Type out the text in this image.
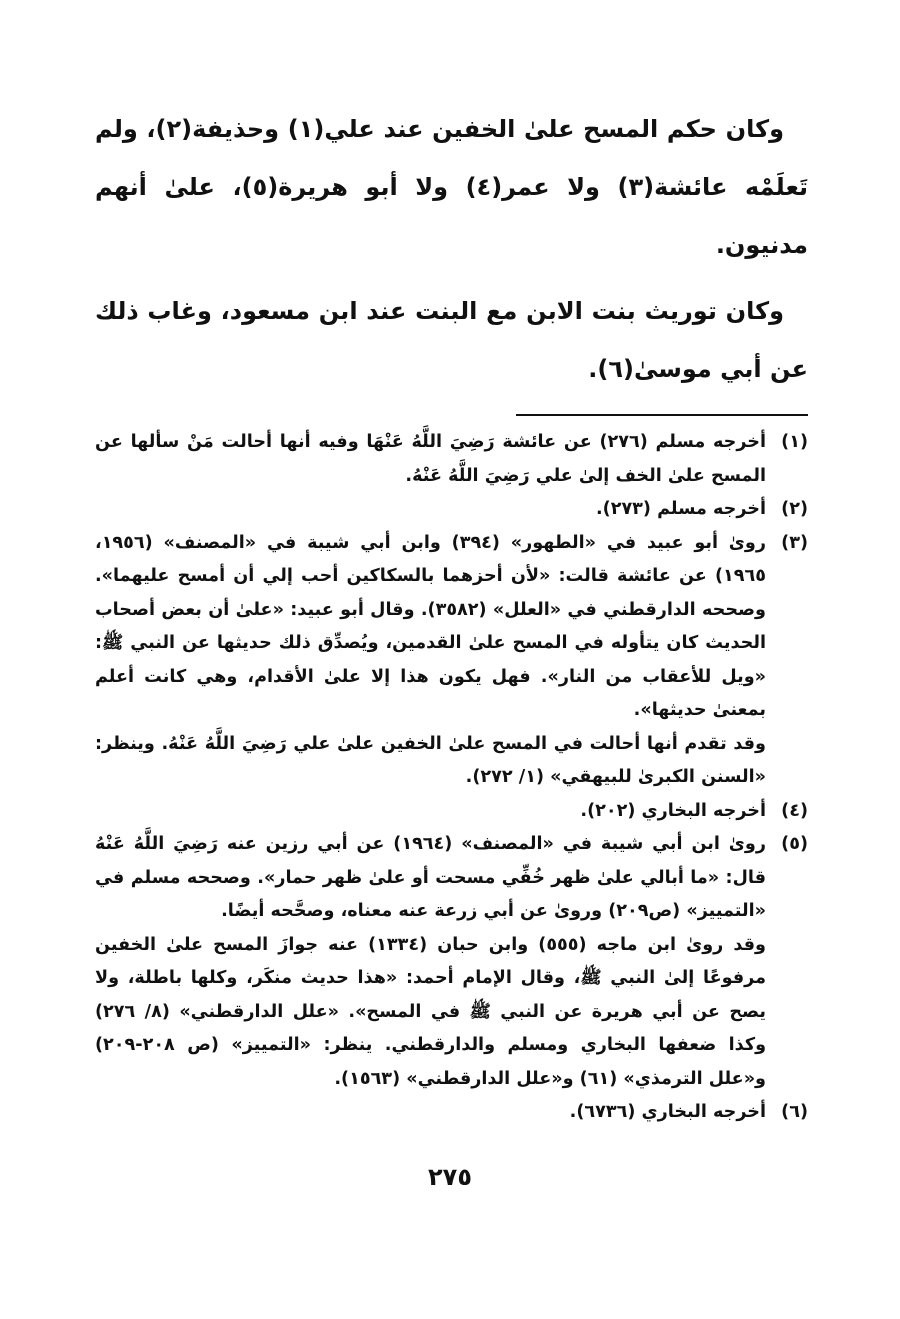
وكان حكم المسح علىٰ الخفين عند علي(١) وحذيفة(٢)، ولم تَعلَمْه عائشة(٣) ولا عمر(٤) ولا أبو هريرة(٥)، علىٰ أنهم مدنيون.

وكان توريث بنت الابن مع البنت عند ابن مسعود، وغاب ذلك عن أبي موسىٰ(٦).

(١)

أخرجه مسلم (٢٧٦) عن عائشة رَضِيَ اللَّهُ عَنْهَا وفيه أنها أحالت مَنْ سألها عن المسح علىٰ الخف إلىٰ علي رَضِيَ اللَّهُ عَنْهُ.

(٢)

أخرجه مسلم (٢٧٣).

(٣)

رویٰ أبو عبيد في «الطهور» (٣٩٤) وابن أبي شيبة في «المصنف» (١٩٥٦، ١٩٦٥) عن عائشة قالت: «لأن أحزهما بالسكاكين أحب إلي أن أمسح عليهما». وصححه الدارقطني في «العلل» (٣٥٨٢). وقال أبو عبيد: «علىٰ أن بعض أصحاب الحديث كان يتأوله في المسح علىٰ القدمين، ويُصدِّق ذلك حديثها عن النبي ﷺ: «ويل للأعقاب من النار». فهل يكون هذا إلا علىٰ الأقدام، وهي كانت أعلم بمعنىٰ حديثها».

وقد تقدم أنها أحالت في المسح علىٰ الخفين علىٰ علي رَضِيَ اللَّهُ عَنْهُ. وينظر: «السنن الكبرىٰ للبيهقي» (١/ ٢٧٢).

(٤)

أخرجه البخاري (٢٠٢).

(٥)

رویٰ ابن أبي شيبة في «المصنف» (١٩٦٤) عن أبي رزين عنه رَضِيَ اللَّهُ عَنْهُ قال: «ما أبالي علىٰ ظهر خُفِّي مسحت أو علىٰ ظهر حمار». وصححه مسلم في «التمييز» (ص٢٠٩) وروىٰ عن أبي زرعة عنه معناه، وصحَّحه أيضًا.

وقد روىٰ ابن ماجه (٥٥٥) وابن حبان (١٣٣٤) عنه جوازَ المسح علىٰ الخفين مرفوعًا إلىٰ النبي ﷺ، وقال الإمام أحمد: «هذا حديث منكَر، وكلها باطلة، ولا يصح عن أبي هريرة عن النبي ﷺ في المسح». «علل الدارقطني» (٨/ ٢٧٦) وكذا ضعفها البخاري ومسلم والدارقطني. ينظر: «التمييز» (ص ٢٠٨-٢٠٩) و«علل الترمذي» (٦١) و«علل الدارقطني» (١٥٦٣).

(٦)

أخرجه البخاري (٦٧٣٦).

٢٧٥
